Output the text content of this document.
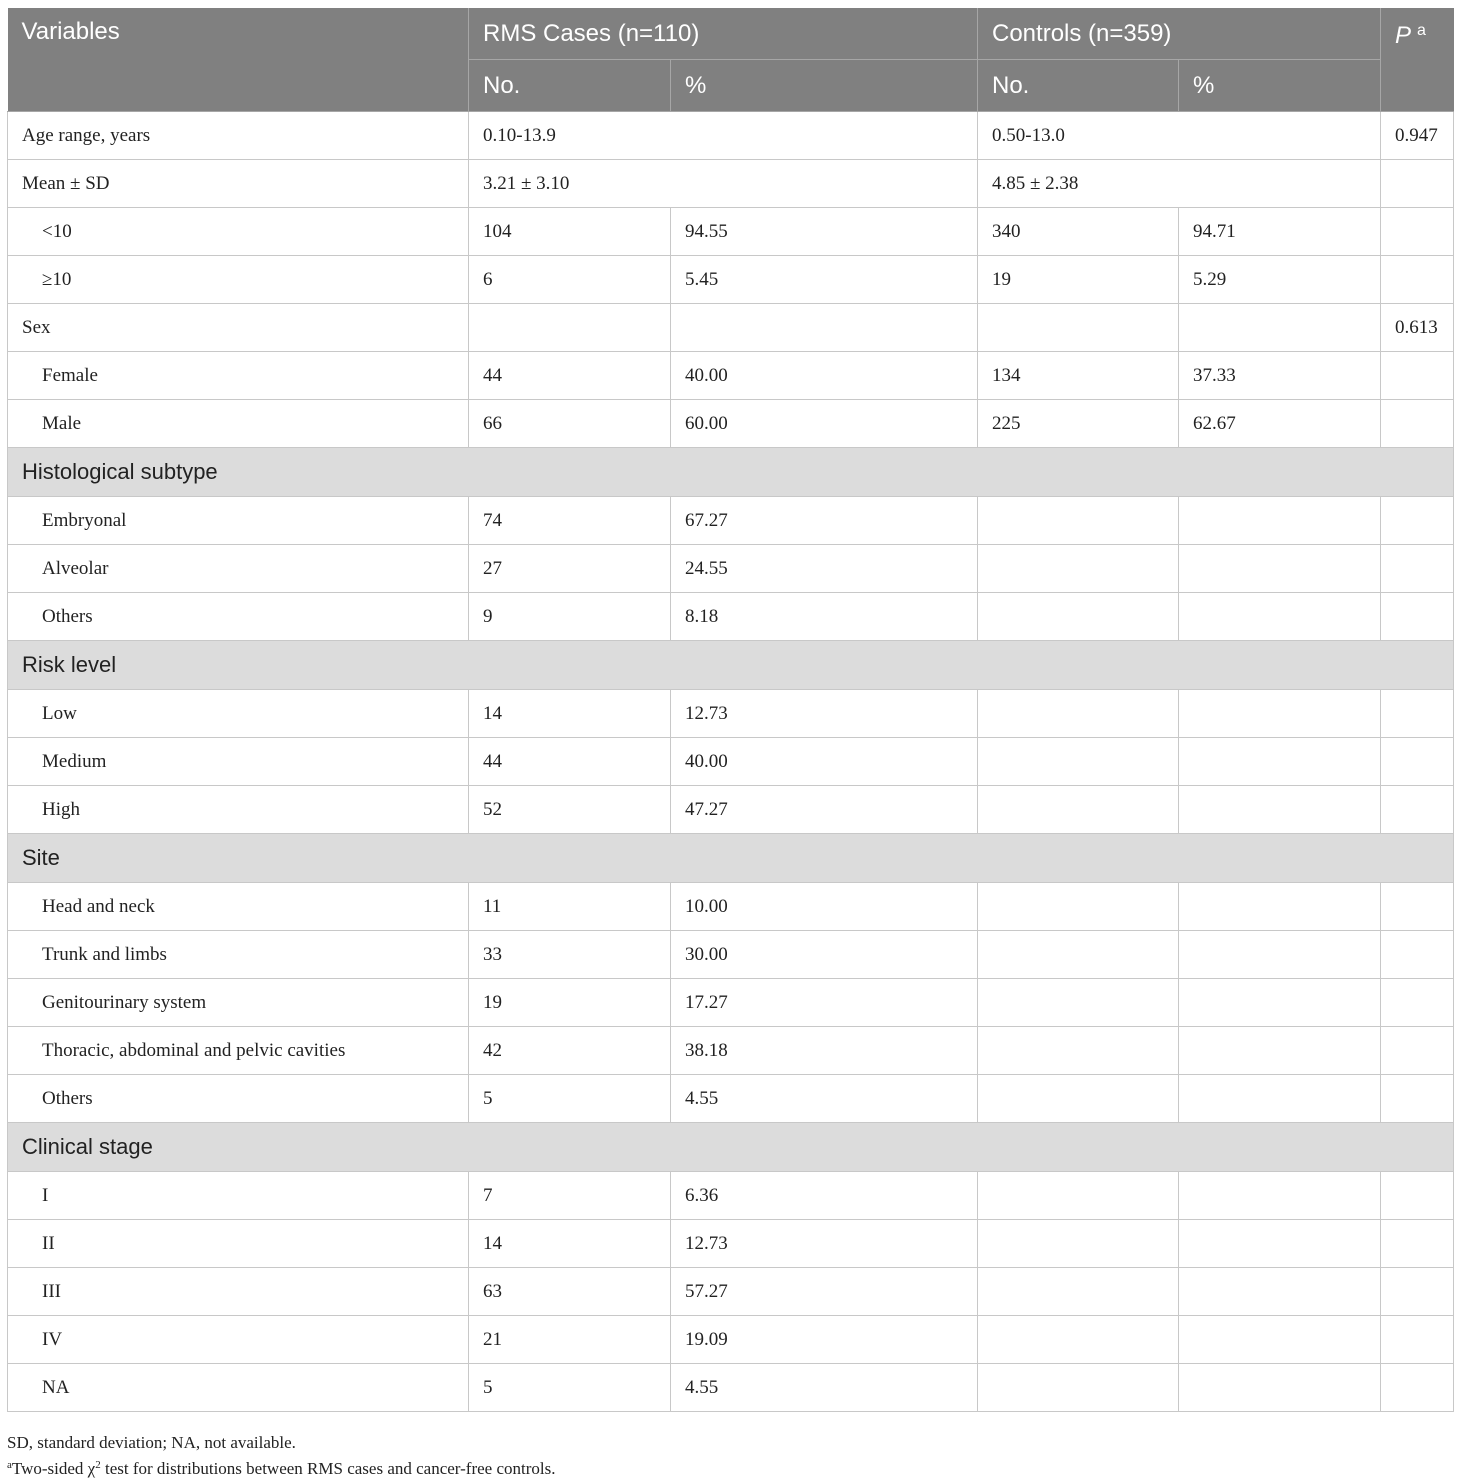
Variables	RMS Cases (n=110)		Controls (n=359)		P $^a$
	No.	%	No.	%	
Age range, years	0.10-13.9		0.50-13.0		0.947
Mean ± SD	3.21 ± 3.10		4.85 ± 2.38		
<10	104	94.55	340	94.71	
≥10	6	5.45	19	5.29	
Sex					0.613
Female	44	40.00	134	37.33	
Male	66	60.00	225	62.67	
Histological subtype					
Embryonal	74	67.27			
Alveolar	27	24.55			
Others	9	8.18			
Risk level					
Low	14	12.73			
Medium	44	40.00			
High	52	47.27			
Site					
Head and neck	11	10.00			
Trunk and limbs	33	30.00			
Genitourinary system	19	17.27			
Thoracic, abdominal and pelvic cavities	42	38.18			
Others	5	4.55			
Clinical stage					
I	7	6.36			
II	14	12.73			
III	63	57.27			
IV	21	19.09			
NA	5	4.55			
SD, standard deviation; NA, not available.
$^a$Two-sided $\chi^2$ test for distributions between RMS cases and cancer-free controls.
